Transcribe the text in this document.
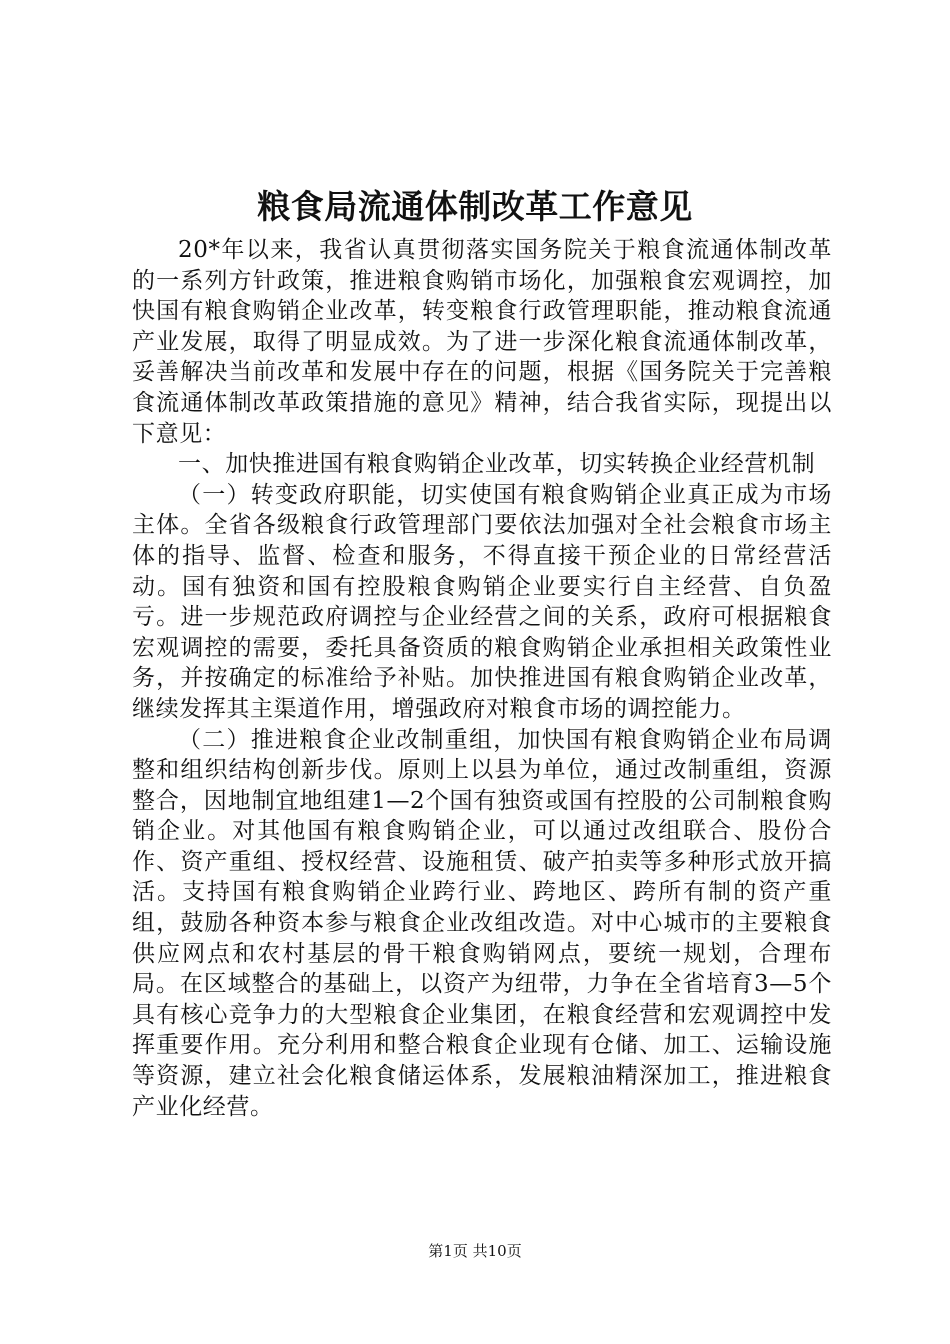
粮食局流通体制改革工作意见

20*年以来，我省认真贯彻落实国务院关于粮食流通体制改革的一系列方针政策，推进粮食购销市场化，加强粮食宏观调控，加快国有粮食购销企业改革，转变粮食行政管理职能，推动粮食流通产业发展，取得了明显成效。为了进一步深化粮食流通体制改革，妥善解决当前改革和发展中存在的问题，根据《国务院关于完善粮食流通体制改革政策措施的意见》精神，结合我省实际，现提出以下意见：

一、加快推进国有粮食购销企业改革，切实转换企业经营机制

（一）转变政府职能，切实使国有粮食购销企业真正成为市场主体。全省各级粮食行政管理部门要依法加强对全社会粮食市场主体的指导、监督、检查和服务，不得直接干预企业的日常经营活动。国有独资和国有控股粮食购销企业要实行自主经营、自负盈亏。进一步规范政府调控与企业经营之间的关系，政府可根据粮食宏观调控的需要，委托具备资质的粮食购销企业承担相关政策性业务，并按确定的标准给予补贴。加快推进国有粮食购销企业改革，继续发挥其主渠道作用，增强政府对粮食市场的调控能力。

（二）推进粮食企业改制重组，加快国有粮食购销企业布局调整和组织结构创新步伐。原则上以县为单位，通过改制重组，资源整合，因地制宜地组建1—2个国有独资或国有控股的公司制粮食购销企业。对其他国有粮食购销企业，可以通过改组联合、股份合作、资产重组、授权经营、设施租赁、破产拍卖等多种形式放开搞活。支持国有粮食购销企业跨行业、跨地区、跨所有制的资产重组，鼓励各种资本参与粮食企业改组改造。对中心城市的主要粮食供应网点和农村基层的骨干粮食购销网点，要统一规划，合理布局。在区域整合的基础上，以资产为纽带，力争在全省培育3—5个具有核心竞争力的大型粮食企业集团，在粮食经营和宏观调控中发挥重要作用。充分利用和整合粮食企业现有仓储、加工、运输设施等资源，建立社会化粮食储运体系，发展粮油精深加工，推进粮食产业化经营。

第1页 共10页
